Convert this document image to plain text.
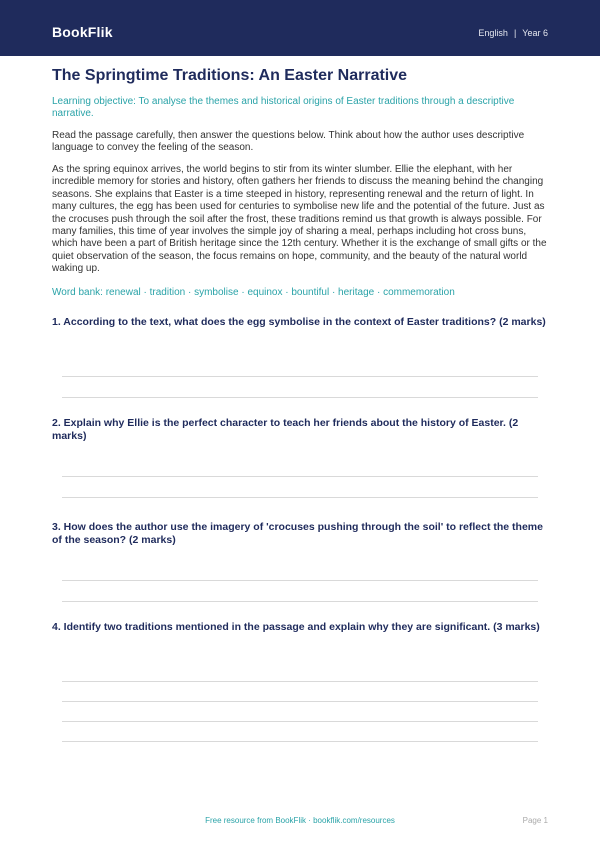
BookFlik	English | Year 6
The Springtime Traditions: An Easter Narrative
Learning objective: To analyse the themes and historical origins of Easter traditions through a descriptive narrative.
Read the passage carefully, then answer the questions below. Think about how the author uses descriptive language to convey the feeling of the season.
As the spring equinox arrives, the world begins to stir from its winter slumber. Ellie the elephant, with her incredible memory for stories and history, often gathers her friends to discuss the meaning behind the changing seasons. She explains that Easter is a time steeped in history, representing renewal and the return of light. In many cultures, the egg has been used for centuries to symbolise new life and the potential of the future. Just as the crocuses push through the soil after the frost, these traditions remind us that growth is always possible. For many families, this time of year involves the simple joy of sharing a meal, perhaps including hot cross buns, which have been a part of British heritage since the 12th century. Whether it is the exchange of small gifts or the quiet observation of the season, the focus remains on hope, community, and the beauty of the natural world waking up.
Word bank: renewal · tradition · symbolise · equinox · bountiful · heritage · commemoration
1. According to the text, what does the egg symbolise in the context of Easter traditions? (2 marks)
2. Explain why Ellie is the perfect character to teach her friends about the history of Easter. (2 marks)
3. How does the author use the imagery of 'crocuses pushing through the soil' to reflect the theme of the season? (2 marks)
4. Identify two traditions mentioned in the passage and explain why they are significant. (3 marks)
Free resource from BookFlik · bookflik.com/resources	Page 1
